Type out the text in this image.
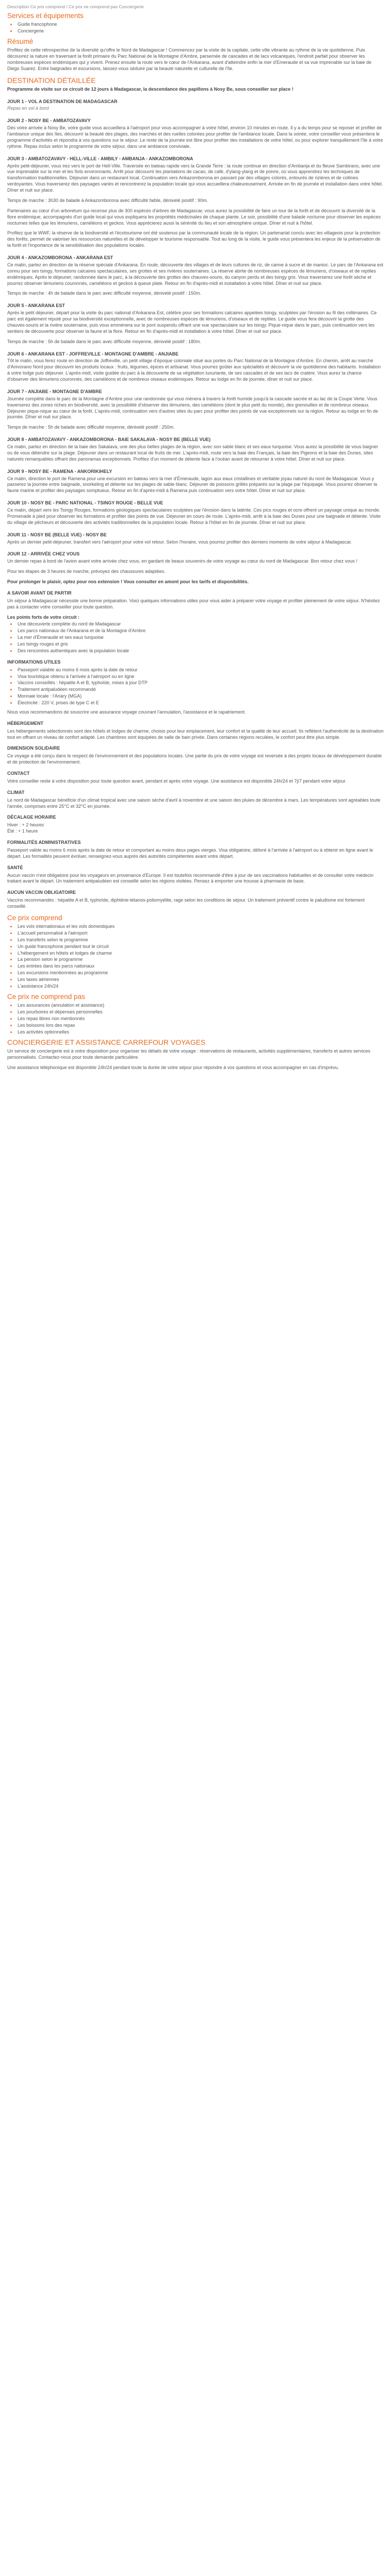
Description Ce prix comprend / Ce prix ne comprend pas Conciergerie
Services et équipements
• Guide francophone
• Conciergerie
Résumé

Profitez de cette rétrospective de la diversité qu'offre le Nord de Madagascar ! Commencez par la visite de la capitale, cette ville vibrante au rythme de la vie quotidienne. Puis découvrez la nature en traversant la forêt primaire du Parc National de la Montagne d'Ambre, parsemée de cascades et de lacs volcaniques, l'endroit parfait pour observer les nombreuses espèces endémiques qui y vivent. Prenez ensuite la route vers le cœur de l'Ankarana, avant d'atteindre enfin la mer d'Emeraude et sa vue imprenable sur la baie de Diego Suarez. Entre baignades et excursions, laissez-vous séduire par la beauté naturelle et culturelle de l'île.

DESTINATION DÉTAILLÉE

Programme de visite sur ce circuit de 12 jours à Madagascar, la descendance des papillons à Nosy Be, sous conseiller sur place !

JOUR 1 - VOL A DESTINATION DE MADAGASCAR

Repas en vol à bord

JOUR 2 - NOSY BE - AMBATOZAVAVY

Dès votre arrivée à Nosy Be, votre guide vous accueillera à l'aéroport pour vous accompagner à votre hôtel, environ 10 minutes en route. Il y a du temps pour se reposer et profiter de l'ambiance unique des îles, découvrir la beauté des plages, des marchés et des ruelles colorées pour profiter de l'ambiance locale. Dans la soirée, votre conseiller vous présentera le programme d'activités et répondra à vos questions sur le séjour. Le reste de la journée est libre pour profiter des installations de votre hôtel, ou pour explorer tranquillement l'île à votre rythme. Repas inclus selon le programme de votre séjour, dans une ambiance conviviale.

JOUR 3 - AMBATOZAVAVY - HELL-VILLE - AMBILY - AMBANJA - ANKAZOMBORONA

Après petit-déjeuner, vous irez vers le port de Hell-Ville. Traversée en bateau rapide vers la Grande Terre : la route continue en direction d'Ambanja et du fleuve Sambirano, avec une vue imprenable sur la mer et les îlots environnants. Arrêt pour découvrir les plantations de cacao, de café, d'ylang-ylang et de poivre, où vous apprendrez les techniques de transformation traditionnelles. Déjeuner dans un restaurant local. Continuation vers Ankazomborona en passant par des villages colorés, entourés de rizières et de collines verdoyantes. Vous traverserez des paysages variés et rencontrerez la population locale qui vous accueillera chaleureusement. Arrivée en fin de journée et installation dans votre hôtel. Dîner et nuit sur place.

Temps de marche : 3h30 de balade à Ankazomborona avec difficulté faible, dénivelé positif : 90m.

Partenaires au cœur d'un arboretum qui recense plus de 300 espèces d'arbres de Madagascar, vous aurez la possibilité de faire un tour de la forêt et de découvrir la diversité de la flore endémique, accompagnés d'un guide local qui vous expliquera les propriétés médicinales de chaque plante. Le soir, possibilité d'une balade nocturne pour observer les espèces nocturnes telles que les lémuriens, caméléons et geckos. Vous apprécierez aussi la sérénité du lieu et son atmosphère unique. Dîner et nuit à l'hôtel.

Profitez que le WWF, la réserve de la biodiversité et l'écotourisme ont été soutenus par la communauté locale de la région. Un partenariat conclu avec les villageois pour la protection des forêts, permet de valoriser les ressources naturelles et de développer le tourisme responsable. Tout au long de la visite, le guide vous présentera les enjeux de la préservation de la forêt et l'importance de la sensibilisation des populations locales.

JOUR 4 - ANKAZOMBORONA - ANKARANA EST

Ce matin, partez en direction de la réserve spéciale d'Ankarana. En route, découverte des villages et de leurs cultures de riz, de canne à sucre et de manioc. Le parc de l'Ankarana est connu pour ses tsingy, formations calcaires spectaculaires, ses grottes et ses rivières souterraines. La réserve abrite de nombreuses espèces de lémuriens, d'oiseaux et de reptiles endémiques. Après le déjeuner, randonnée dans le parc, à la découverte des grottes des chauves-souris, du canyon perdu et des tsingy gris. Vous traverserez une forêt sèche et pourrez observer lémuriens couronnés, caméléons et geckos à queue plate. Retour en fin d'après-midi et installation à votre hôtel. Dîner et nuit sur place.

Temps de marche : 4h de balade dans le parc avec difficulté moyenne, dénivelé positif : 150m.

JOUR 5 - ANKARANA EST

Après le petit déjeuner, départ pour la visite du parc national d'Ankarana Est, célèbre pour ses formations calcaires appelées tsingy, sculptées par l'érosion au fil des millénaires. Ce parc est également réputé pour sa biodiversité exceptionnelle, avec de nombreuses espèces de lémuriens, d'oiseaux et de reptiles. Le guide vous fera découvrir la grotte des chauves-souris et la rivière souterraine, puis vous emmènera sur le pont suspendu offrant une vue spectaculaire sur les tsingy. Pique-nique dans le parc, puis continuation vers les sentiers de découverte pour observer la faune et la flore. Retour en fin d'après-midi et installation à votre hôtel. Dîner et nuit sur place.

Temps de marche : 5h de balade dans le parc avec difficulté moyenne, dénivelé positif : 180m.

JOUR 6 - ANKARANA EST - JOFFREVILLE - MONTAGNE D'AMBRE - ANJIABE

Tôt le matin, vous ferez route en direction de Joffreville, un petit village d'époque coloniale situé aux portes du Parc National de la Montagne d'Ambre. En chemin, arrêt au marché d'Anivorano Nord pour découvrir les produits locaux : fruits, légumes, épices et artisanat. Vous pourrez goûter aux spécialités et découvrir la vie quotidienne des habitants. Installation à votre lodge puis déjeuner. L'après-midi, visite guidée du parc à la découverte de sa végétation luxuriante, de ses cascades et de ses lacs de cratère. Vous aurez la chance d'observer des lémuriens couronnés, des caméléons et de nombreux oiseaux endémiques. Retour au lodge en fin de journée, dîner et nuit sur place.

JOUR 7 - ANJIABE - MONTAGNE D'AMBRE

Journée complète dans le parc de la Montagne d'Ambre pour une randonnée qui vous mènera à travers la forêt humide jusqu'à la cascade sacrée et au lac de la Coupe Verte. Vous traverserez des zones riches en biodiversité, avec la possibilité d'observer des lémuriens, des caméléons (dont le plus petit du monde), des grenouilles et de nombreux oiseaux. Déjeuner pique-nique au cœur de la forêt. L'après-midi, continuation vers d'autres sites du parc pour profiter des points de vue exceptionnels sur la région. Retour au lodge en fin de journée. Dîner et nuit sur place.

Temps de marche : 5h de balade avec difficulté moyenne, dénivelé positif : 250m.

JOUR 8 - AMBATOZAVAVY - ANKAZOMBORONA - BAIE SAKALAVA - NOSY BE (BELLE VUE)

Ce matin, partez en direction de la baie des Sakalava, une des plus belles plages de la région, avec son sable blanc et ses eaux turquoise. Vous aurez la possibilité de vous baigner ou de vous détendre sur la plage. Déjeuner dans un restaurant local de fruits de mer. L'après-midi, route vers la baie des Français, la baie des Pigeons et la baie des Dunes, sites naturels remarquables offrant des panoramas exceptionnels. Profitez d'un moment de détente face à l'océan avant de retourner à votre hôtel. Dîner et nuit sur place.

JOUR 9 - NOSY BE - RAMENA - ANKORIKIHELY

Ce matin, direction le port de Ramena pour une excursion en bateau vers la mer d'Émeraude, lagon aux eaux cristallines et véritable joyau naturel du nord de Madagascar. Vous y passerez la journée entre baignade, snorkeling et détente sur les plages de sable blanc. Déjeuner de poissons grillés préparés sur la plage par l'équipage. Vous pourrez observer la faune marine et profiter des paysages somptueux. Retour en fin d'après-midi à Ramena puis continuation vers votre hôtel. Dîner et nuit sur place.

JOUR 10 - NOSY BE - PARC NATIONAL - TSINGY ROUGE - BELLE VUE

Ce matin, départ vers les Tsingy Rouges, formations géologiques spectaculaires sculptées par l'érosion dans la latérite. Ces pics rouges et ocre offrent un paysage unique au monde. Promenade à pied pour observer les formations et profiter des points de vue. Déjeuner en cours de route. L'après-midi, arrêt à la baie des Dunes pour une baignade et détente. Visite du village de pêcheurs et découverte des activités traditionnelles de la population locale. Retour à l'hôtel en fin de journée. Dîner et nuit sur place.

JOUR 11 - NOSY BE (BELLE VUE) - NOSY BE

Après un dernier petit-déjeuner, transfert vers l'aéroport pour votre vol retour. Selon l'horaire, vous pourrez profiter des derniers moments de votre séjour à Madagascar.

JOUR 12 - ARRIVÉE CHEZ VOUS

Un dernier repas à bord de l'avion avant votre arrivée chez vous, en gardant de beaux souvenirs de votre voyage au cœur du nord de Madagascar. Bon retour chez vous !

Pour les étapes de 3 heures de marche, prévoyez des chaussures adaptées.

Pour prolonger le plaisir, optez pour nos extension ! Vous consulter en amont pour les tarifs et disponibilités.

A SAVOIR AVANT DE PARTIR

Un séjour à Madagascar nécessite une bonne préparation. Voici quelques informations utiles pour vous aider à préparer votre voyage et profiter pleinement de votre séjour. N'hésitez pas à contacter votre conseiller pour toute question.

Les points forts de votre circuit :

• Une découverte complète du nord de Madagascar
• Les parcs nationaux de l'Ankarana et de la Montagne d'Ambre
• La mer d'Émeraude et ses eaux turquoise
• Les tsingy rouges et gris
• Des rencontres authentiques avec la population locale

INFORMATIONS UTILES

• Passeport valable au moins 6 mois après la date de retour
• Visa touristique obtenu à l'arrivée à l'aéroport ou en ligne
• Vaccins conseillés : hépatite A et B, typhoïde, mises à jour DTP
• Traitement antipaludéen recommandé
• Monnaie locale : l'Ariary (MGA)
• Électricité : 220 V, prises de type C et E

Nous vous recommandons de souscrire une assurance voyage couvrant l'annulation, l'assistance et le rapatriement.

HÉBERGEMENT

Les hébergements sélectionnés sont des hôtels et lodges de charme, choisis pour leur emplacement, leur confort et la qualité de leur accueil. Ils reflètent l'authenticité de la destination tout en offrant un niveau de confort adapté. Les chambres sont équipées de salle de bain privée. Dans certaines régions reculées, le confort peut être plus simple.

DIMENSION SOLIDAIRE

Ce voyage a été conçu dans le respect de l'environnement et des populations locales. Une partie du prix de votre voyage est reversée à des projets locaux de développement durable et de protection de l'environnement.

CONTACT

Votre conseiller reste à votre disposition pour toute question avant, pendant et après votre voyage. Une assistance est disponible 24h/24 et 7j/7 pendant votre séjour.

CLIMAT

Le nord de Madagascar bénéficie d'un climat tropical avec une saison sèche d'avril à novembre et une saison des pluies de décembre à mars. Les températures sont agréables toute l'année, comprises entre 25°C et 32°C en journée.

DÉCALAGE HORAIRE

Hiver : + 2 heures
Été : + 1 heure

FORMALITÉS ADMINISTRATIVES

Passeport valide au moins 6 mois après la date de retour et comportant au moins deux pages vierges. Visa obligatoire, délivré à l'arrivée à l'aéroport ou à obtenir en ligne avant le départ. Les formalités peuvent évoluer, renseignez-vous auprès des autorités compétentes avant votre départ.

SANTÉ

Aucun vaccin n'est obligatoire pour les voyageurs en provenance d'Europe. Il est toutefois recommandé d'être à jour de ses vaccinations habituelles et de consulter votre médecin traitant avant le départ. Un traitement antipaludéen est conseillé selon les régions visitées. Pensez à emporter une trousse à pharmacie de base.

AUCUN VACCIN OBLIGATOIRE

Vaccins recommandés : hépatite A et B, typhoïde, diphtérie-tétanos-poliomyélite, rage selon les conditions de séjour. Un traitement préventif contre le paludisme est fortement conseillé.

Ce prix comprend
• Les vols internationaux et les vols domestiques
• L'accueil personnalisé à l'aéroport
• Les transferts selon le programme
• Un guide francophone pendant tout le circuit
• L'hébergement en hôtels et lodges de charme
• La pension selon le programme
• Les entrées dans les parcs nationaux
• Les excursions mentionnées au programme
• Les taxes aériennes
• L'assistance 24h/24
Ce prix ne comprend pas
• Les assurances (annulation et assistance)
• Les pourboires et dépenses personnelles
• Les repas libres non mentionnés
• Les boissons lors des repas
• Les activités optionnelles
CONCIERGERIE ET ASSISTANCE CARREFOUR VOYAGES

Un service de conciergerie est à votre disposition pour organiser les détails de votre voyage : réservations de restaurants, activités supplémentaires, transferts et autres services personnalisés. Contactez-nous pour toute demande particulière.

Une assistance téléphonique est disponible 24h/24 pendant toute la durée de votre séjour pour répondre à vos questions et vous accompagner en cas d'imprévu.
